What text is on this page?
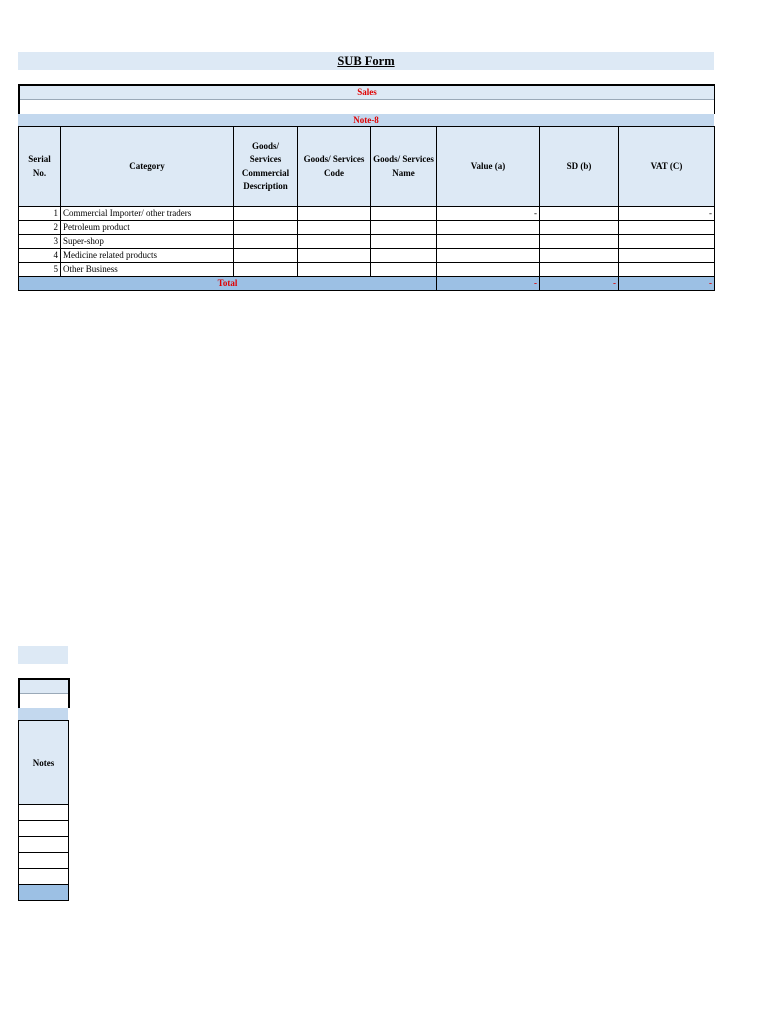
SUB Form
Sales
Note-8
Serial No.	Category	Goods/ Services Commercial Description	Goods/ Services Code	Goods/ Services Name	Value (a)	SD (b)	VAT (C)
1	Commercial Importer/ other traders				-		-
2	Petroleum product						
3	Super-shop						
4	Medicine related products						
5	Other Business						
Total					-	-	-
Notes
